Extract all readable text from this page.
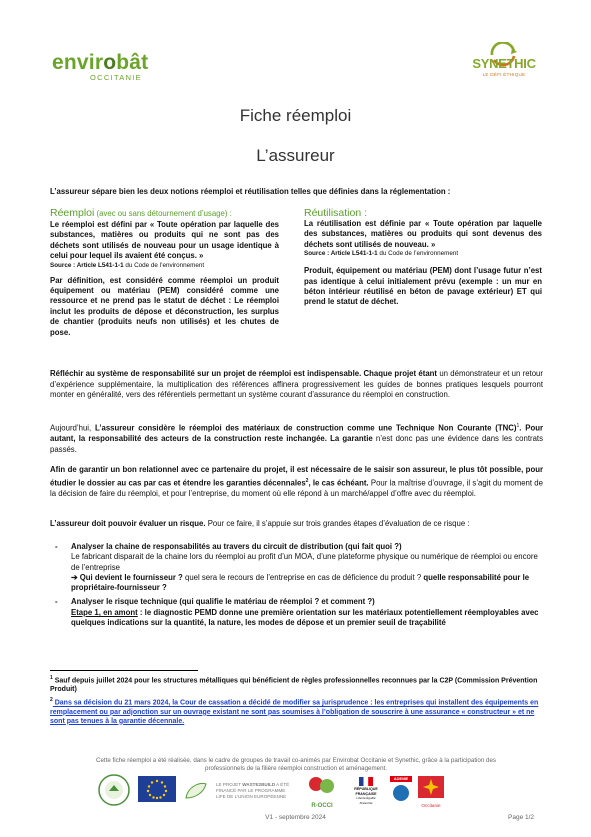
envirobât
OCCITANIE
SYNETHIC
LE DÉFI ÉTHIQUE
Fiche réemploi
L’assureur
L’assureur sépare bien les deux notions réemploi et réutilisation telles que définies dans la réglementation :
Réemploi (avec ou sans détournement d’usage) :

Le réemploi est défini par « Toute opération par laquelle des substances, matières ou produits qui ne sont pas des déchets sont utilisés de nouveau pour un usage identique à celui pour lequel ils avaient été conçus. »

Source : Article L541-1-1 du Code de l’environnement

Par définition, est considéré comme réemploi un produit équipement ou matériau (PEM) considéré comme une ressource et ne prend pas le statut de déchet : Le réemploi inclut les produits de dépose et déconstruction, les surplus de chantier (produits neufs non utilisés) et les chutes de pose.

Réutilisation :

La réutilisation est définie par « Toute opération par laquelle des substances, matières ou produits qui sont devenus des déchets sont utilisés de nouveau. »

Source : Article L541-1-1 du Code de l’environnement

Produit, équipement ou matériau (PEM) dont l’usage futur n’est pas identique à celui initialement prévu (exemple : un mur en béton intérieur réutilisé en béton de pavage extérieur) ET qui prend le statut de déchet.

Réfléchir au système de responsabilité sur un projet de réemploi est indispensable. Chaque projet étant un démonstrateur et un retour d’expérience supplémentaire, la multiplication des références affinera progressivement les guides de bonnes pratiques lesquels pourront monter en généralité, vers des référentiels permettant un système courant d’assurance du réemploi en construction.
Aujourd’hui, L’assureur considère le réemploi des matériaux de construction comme une Technique Non Courante (TNC)$^1$. Pour autant, la responsabilité des acteurs de la construction reste inchangée. La garantie n’est donc pas une évidence dans les contrats passés.
Afin de garantir un bon relationnel avec ce partenaire du projet, il est nécessaire de le saisir son assureur, le plus tôt possible, pour étudier le dossier au cas par cas et étendre les garanties décennales$^2$, le cas échéant. Pour la maîtrise d’ouvrage, il s’agit du moment de la décision de faire du réemploi, et pour l’entreprise, du moment où elle répond à un marché/appel d’offre avec du réemploi.
L’assureur doit pouvoir évaluer un risque. Pour ce faire, il s’appuie sur trois grandes étapes d’évaluation de ce risque :
- Analyser la chaine de responsabilités au travers du circuit de distribution (qui fait quoi ?)
Le fabricant disparait de la chaine lors du réemploi au profit d’un MOA, d’une plateforme physique ou numérique de réemploi ou encore de l’entreprise
➔ Qui devient le fournisseur ? quel sera le recours de l’entreprise en cas de déficience du produit ? quelle responsabilité pour le propriétaire-fournisseur ?
- Analyser le risque technique (qui qualifie le matériau de réemploi ? et comment ?)
Etape 1, en amont : le diagnostic PEMD donne une première orientation sur les matériaux potentiellement réemployables avec quelques indications sur la quantité, la nature, les modes de dépose et un premier seuil de traçabilité
$^1$ Sauf depuis juillet 2024 pour les structures métalliques qui bénéficient de règles professionnelles reconnues par la C2P (Commission Prévention Produit)
$^2$ Dans sa décision du 21 mars 2024, la Cour de cassation a décidé de modifier sa jurisprudence : les entreprises qui installent des équipements en remplacement ou par adjonction sur un ouvrage existant ne sont pas soumises à l’obligation de souscrire à une assurance « constructeur » et ne sont pas tenues à la garantie décennale.
Cette fiche réemploi a été réalisée, dans le cadre de groupes de travail co-animés par Envirobat Occitanie et Synethic, grâce à la participation des professionnels de la filière réemploi construction et aménagement.
LE PROJET WASTE2BUILD A ÉTÉ FINANCÉ PAR LE PROGRAMME LIFE DE L’UNION EUROPÉENNE
R-OCCI
RÉPUBLIQUE
FRANÇAISE
Liberté Égalité Fraternité
ADEME
Occitanie
V1 - septembre 2024	Page 1/2
